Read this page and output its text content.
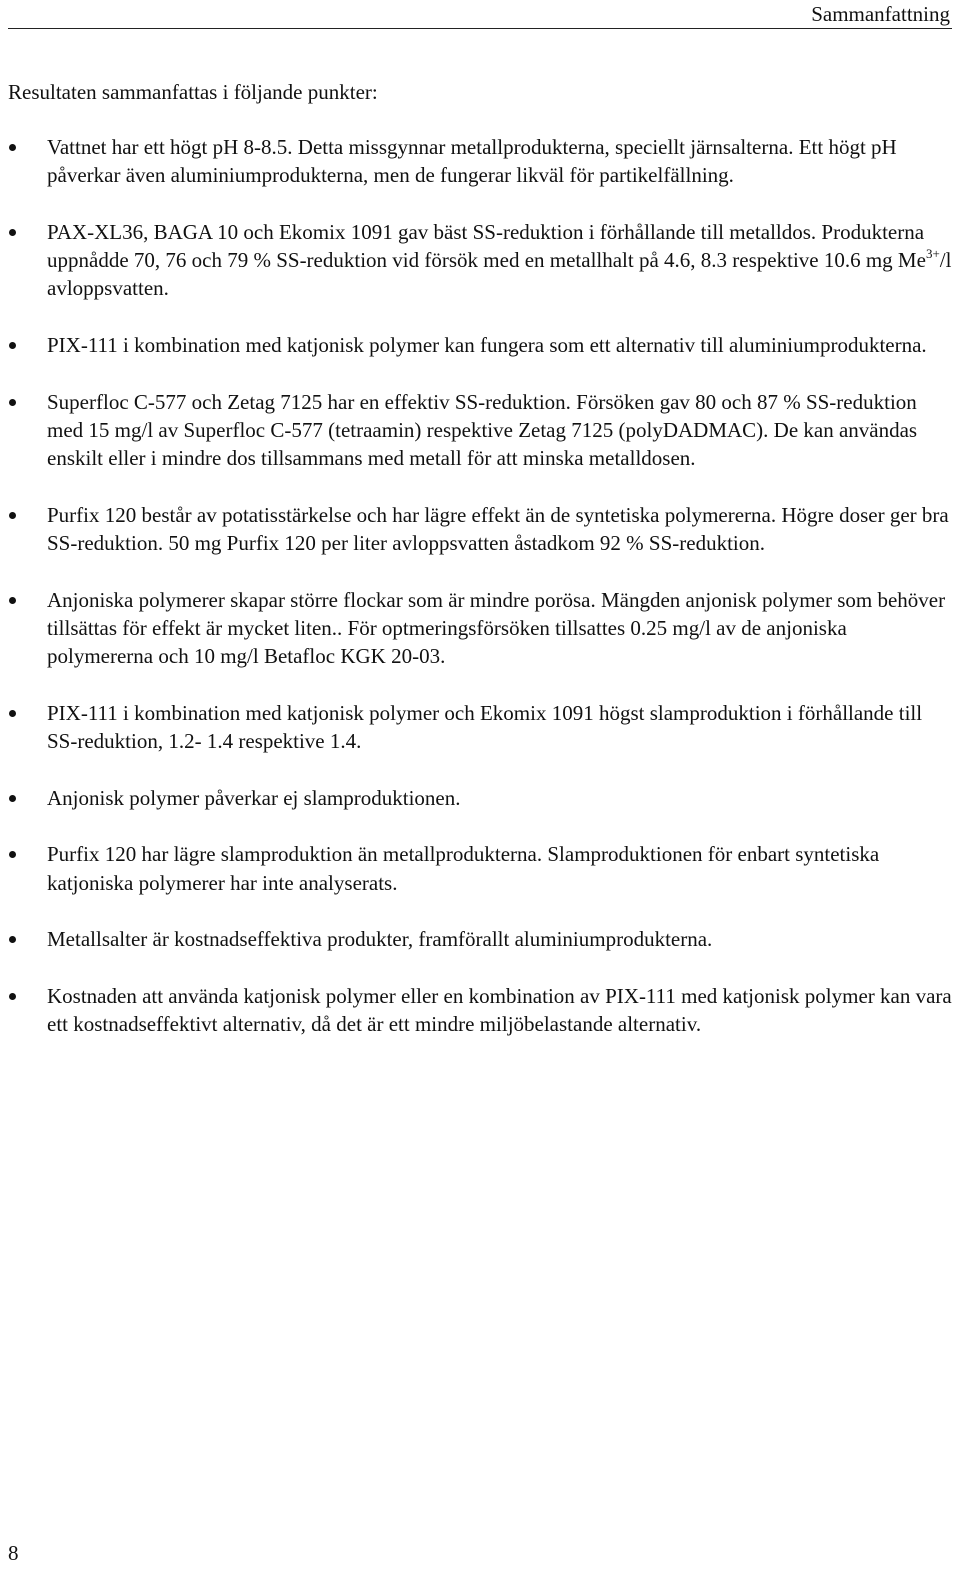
Sammanfattning

Resultaten sammanfattas i följande punkter:

Vattnet har ett högt pH 8-8.5. Detta missgynnar metallprodukterna, speciellt järnsalterna. Ett högt pH påverkar även aluminiumprodukterna, men de fungerar likväl för partikelfällning.
PAX-XL36, BAGA 10 och Ekomix 1091 gav bäst SS-reduktion i förhållande till metalldos. Produkterna uppnådde 70, 76 och 79 % SS-reduktion vid försök med en metallhalt på 4.6, 8.3 respektive 10.6 mg $Me^{3+}/l$ avloppsvatten.
PIX-111 i kombination med katjonisk polymer kan fungera som ett alternativ till aluminiumprodukterna.
Superfloc C-577 och Zetag 7125 har en effektiv SS-reduktion. Försöken gav 80 och 87 % SS-reduktion med 15 mg/l av Superfloc C-577 (tetraamin) respektive Zetag 7125 (polyDADMAC). De kan användas enskilt eller i mindre dos tillsammans med metall för att minska metalldosen.
Purfix 120 består av potatisstärkelse och har lägre effekt än de syntetiska polymererna. Högre doser ger bra SS-reduktion. 50 mg Purfix 120 per liter avloppsvatten åstadkom 92 % SS-reduktion.
Anjoniska polymerer skapar större flockar som är mindre porösa. Mängden anjonisk polymer som behöver tillsättas för effekt är mycket liten.. För optmeringsförsöken tillsattes 0.25 mg/l av de anjoniska polymererna och 10 mg/l Betafloc KGK 20-03.
PIX-111 i kombination med katjonisk polymer och Ekomix 1091 högst slamproduktion i förhållande till SS-reduktion, 1.2- 1.4 respektive 1.4.
Anjonisk polymer påverkar ej slamproduktionen.
Purfix 120 har lägre slamproduktion än metallprodukterna. Slamproduktionen för enbart syntetiska katjoniska polymerer har inte analyserats.
Metallsalter är kostnadseffektiva produkter, framförallt aluminiumprodukterna.
Kostnaden att använda katjonisk polymer eller en kombination av PIX-111 med katjonisk polymer kan vara ett kostnadseffektivt alternativ, då det är ett mindre miljöbelastande alternativ.
8
